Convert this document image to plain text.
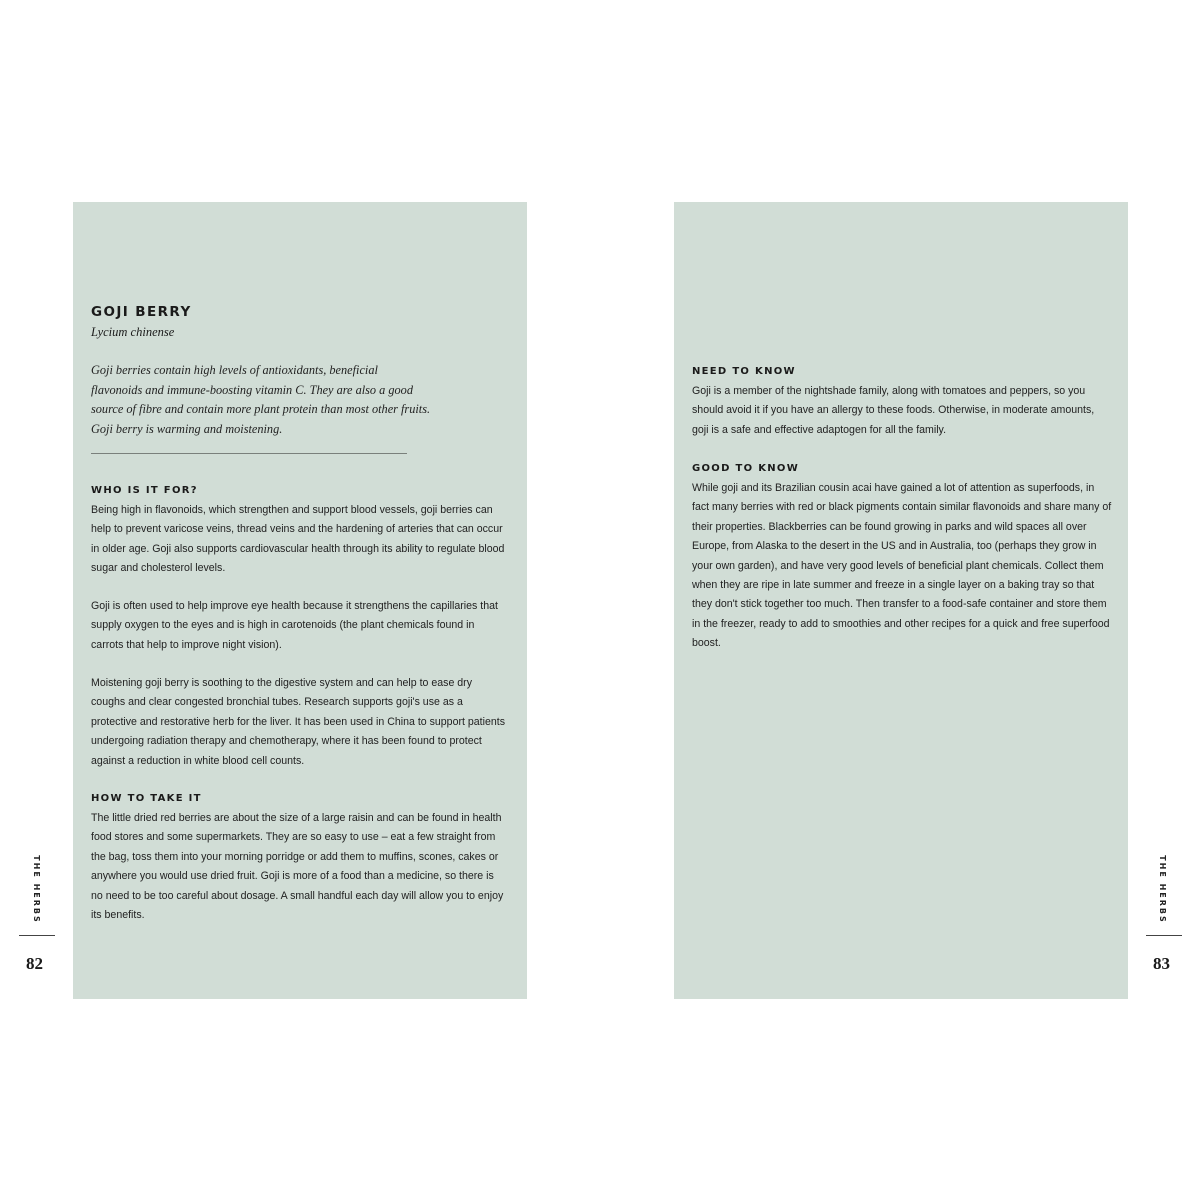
GOJI BERRY
Lycium chinense
Goji berries contain high levels of antioxidants, beneficial flavonoids and immune-boosting vitamin C. They are also a good source of fibre and contain more plant protein than most other fruits. Goji berry is warming and moistening.
WHO IS IT FOR?

Being high in flavonoids, which strengthen and support blood vessels, goji berries can help to prevent varicose veins, thread veins and the hardening of arteries that can occur in older age. Goji also supports cardiovascular health through its ability to regulate blood sugar and cholesterol levels.

Goji is often used to help improve eye health because it strengthens the capillaries that supply oxygen to the eyes and is high in carotenoids (the plant chemicals found in carrots that help to improve night vision).

Moistening goji berry is soothing to the digestive system and can help to ease dry coughs and clear congested bronchial tubes. Research supports goji's use as a protective and restorative herb for the liver. It has been used in China to support patients undergoing radiation therapy and chemotherapy, where it has been found to protect against a reduction in white blood cell counts.

HOW TO TAKE IT

The little dried red berries are about the size of a large raisin and can be found in health food stores and some supermarkets. They are so easy to use – eat a few straight from the bag, toss them into your morning porridge or add them to muffins, scones, cakes or anywhere you would use dried fruit. Goji is more of a food than a medicine, so there is no need to be too careful about dosage. A small handful each day will allow you to enjoy its benefits.

THE HERBS
82
NEED TO KNOW

Goji is a member of the nightshade family, along with tomatoes and peppers, so you should avoid it if you have an allergy to these foods. Otherwise, in moderate amounts, goji is a safe and effective adaptogen for all the family.

GOOD TO KNOW

While goji and its Brazilian cousin acai have gained a lot of attention as superfoods, in fact many berries with red or black pigments contain similar flavonoids and share many of their properties. Blackberries can be found growing in parks and wild spaces all over Europe, from Alaska to the desert in the US and in Australia, too (perhaps they grow in your own garden), and have very good levels of beneficial plant chemicals. Collect them when they are ripe in late summer and freeze in a single layer on a baking tray so that they don't stick together too much. Then transfer to a food-safe container and store them in the freezer, ready to add to smoothies and other recipes for a quick and free superfood boost.

THE HERBS
83
